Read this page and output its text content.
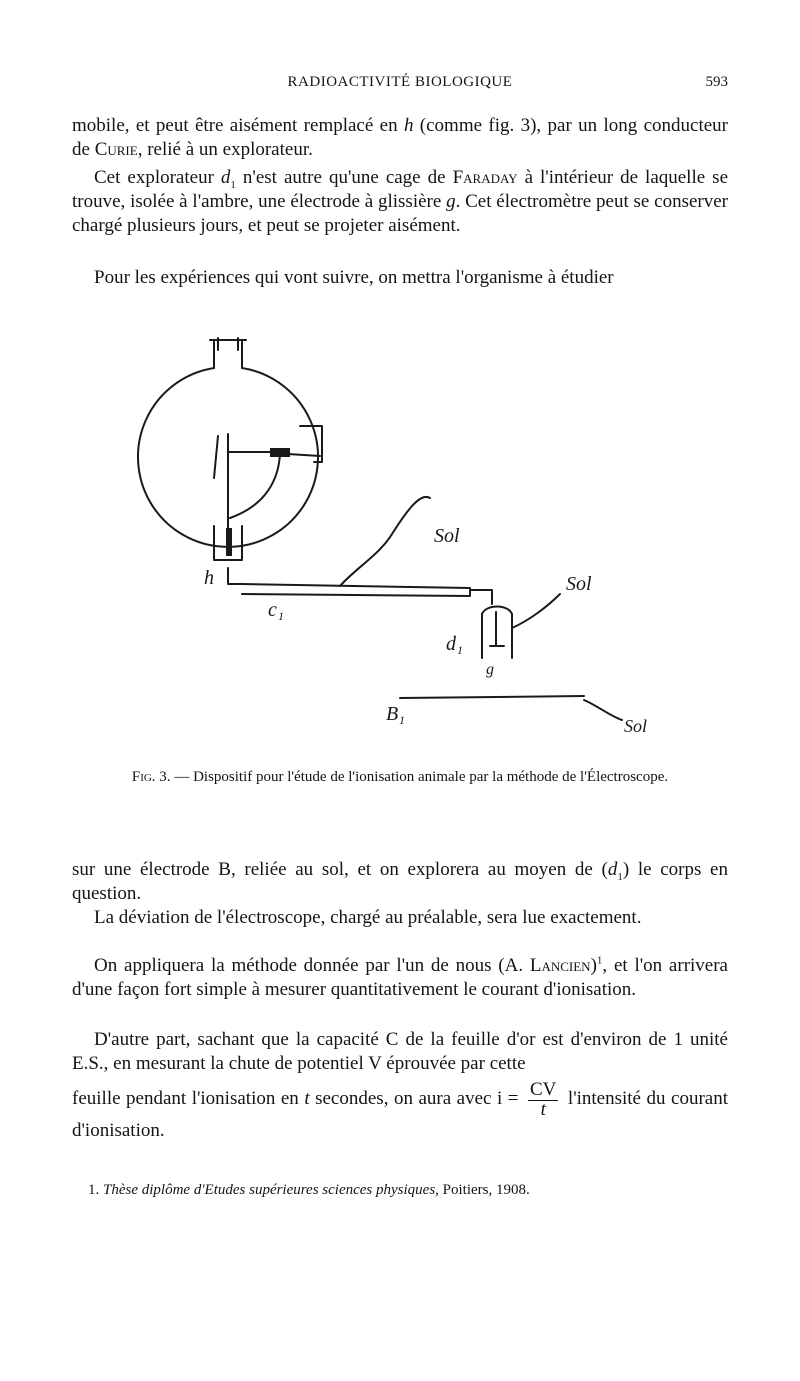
RADIOACTIVITÉ BIOLOGIQUE	593

mobile, et peut être aisément remplacé en h (comme fig. 3), par un long conducteur de Curie, relié à un explorateur.

Cet explorateur $d_1$ n'est autre qu'une cage de Faraday à l'intérieur de laquelle se trouve, isolée à l'ambre, une électrode à glissière g. Cet électromètre peut se conserver chargé plusieurs jours, et peut se projeter aisément.

Pour les expériences qui vont suivre, on mettra l'organisme à étudier

h
c 1
Sol
Sol
d 1
g
B 1	Sol

Fig. 3. — Dispositif pour l'étude de l'ionisation animale par la méthode de l'Électroscope.

sur une électrode B, reliée au sol, et on explorera au moyen de $(d_1)$ le corps en question.

La déviation de l'électroscope, chargé au préalable, sera lue exactement.

On appliquera la méthode donnée par l'un de nous (A. Lancien)$^1$, et l'on arrivera d'une façon fort simple à mesurer quantitativement le courant d'ionisation.

D'autre part, sachant que la capacité C de la feuille d'or est d'environ de 1 unité E.S., en mesurant la chute de potentiel V éprouvée par cette

feuille pendant l'ionisation en t secondes, on aura avec $i = \frac{CV}{t}$ l'intensité du courant d'ionisation.

1. Thèse diplôme d'Etudes supérieures sciences physiques, Poitiers, 1908.
